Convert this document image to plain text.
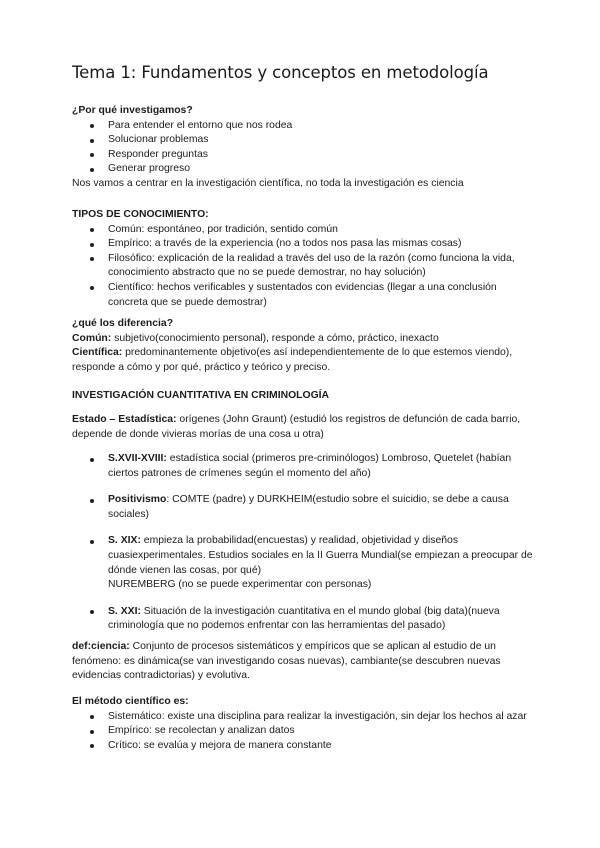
Tema 1: Fundamentos y conceptos en metodología

¿Por qué investigamos?

Para entender el entorno que nos rodea
Solucionar problemas
Responder preguntas
Generar progreso

Nos vamos a centrar en la investigación científica, no toda la investigación es ciencia

TIPOS DE CONOCIMIENTO:

Común: espontáneo, por tradición, sentido común
Empírico: a través de la experiencia (no a todos nos pasa las mismas cosas)
Filosófico: explicación de la realidad a través del uso de la razón (como funciona la vida, conocimiento abstracto que no se puede demostrar, no hay solución)
Científico: hechos verificables y sustentados con evidencias (llegar a una conclusión concreta que se puede demostrar)

¿qué los diferencia?

Común: subjetivo(conocimiento personal), responde a cómo, práctico, inexacto

Científica: predominantemente objetivo(es así independientemente de lo que estemos viendo), responde a cómo y por qué, práctico y teórico y preciso.

INVESTIGACIÓN CUANTITATIVA EN CRIMINOLOGÍA

Estado – Estadística: orígenes (John Graunt) (estudió los registros de defunción de cada barrio, depende de donde vivieras morías de una cosa u otra)

S.XVII-XVIII: estadística social (primeros pre-criminólogos) Lombroso, Quetelet (habían ciertos patrones de crímenes según el momento del año)
Positivismo: COMTE (padre) y DURKHEIM(estudio sobre el suicidio, se debe a causa sociales)
S. XIX: empieza la probabilidad(encuestas) y realidad, objetividad y diseños cuasiexperimentales. Estudios sociales en la II Guerra Mundial(se empiezan a preocupar de dónde vienen las cosas, por qué)
NUREMBERG (no se puede experimentar con personas)
S. XXI: Situación de la investigación cuantitativa en el mundo global (big data)(nueva criminología que no podemos enfrentar con las herramientas del pasado)

def:ciencia: Conjunto de procesos sistemáticos y empíricos que se aplican al estudio de un fenómeno: es dinámica(se van investigando cosas nuevas), cambiante(se descubren nuevas evidencias contradictorias) y evolutiva.

El método científico es:

Sistemático: existe una disciplina para realizar la investigación, sin dejar los hechos al azar
Empírico: se recolectan y analizan datos
Crítico: se evalúa y mejora de manera constante
